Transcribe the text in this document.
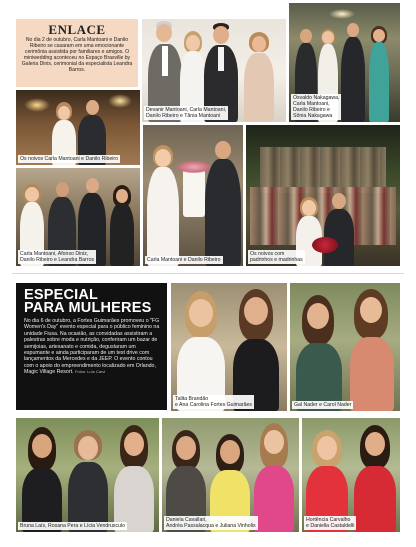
ENLACE
No dia 2 de outubro, Carla Mantoani e Danilo Ribeiro se casaram em uma emocionante cerimônia assistida por familiares e amigos. O miniwedding aconteceu no Espaço Brasville by Galeria Dinis, cerimonial da especialista Leandra Barros.
Devanir Mantoani, Carla Mantoani,
Danilo Ribeiro e Tânia Mantoani
Osvaldo Nakagawa,
Carla Mantoani,
Danilo Ribeiro e
Sônia Nakagawa
Os noivos Carla Mantoani e Danilo Ribeiro
Carla Mantoani, Afonso Diniz,
Danilo Ribeiro e Leandra Barros	Carla Mantoani e Danilo Ribeiro
Os noivos com
padrinhos e madrinhas
ESPECIAL
PARA MULHERES
No dia 6 de outubro, a Fortes Guimarães promoveu o "FG Women's Day" evento especial para o público feminino na unidade Fiusa. Na ocasião, as convidadas assistiram a palestras sobre moda e nutrição, conferiram um bazar de semijoias, artesanato e comida, degustaram um espumante e ainda participaram de um test drive com lançamentos da Mercedes e da JEEP. O evento contou com o apoio do empreendimento localizado em Orlando, Magic Village Resort. Fotos: Luís Carvi
Talita Brandão
e Ana Carolina Fortes Guimarães	Gal Nader e Carol Nader
Bruna Laís, Rosana Pera e Lícia Vendrusculo
Daniela Cavallari,
Andréa Passalacqua e Juliana Vinholis
Hortência Carvalho
e Daniella Castaldelli
